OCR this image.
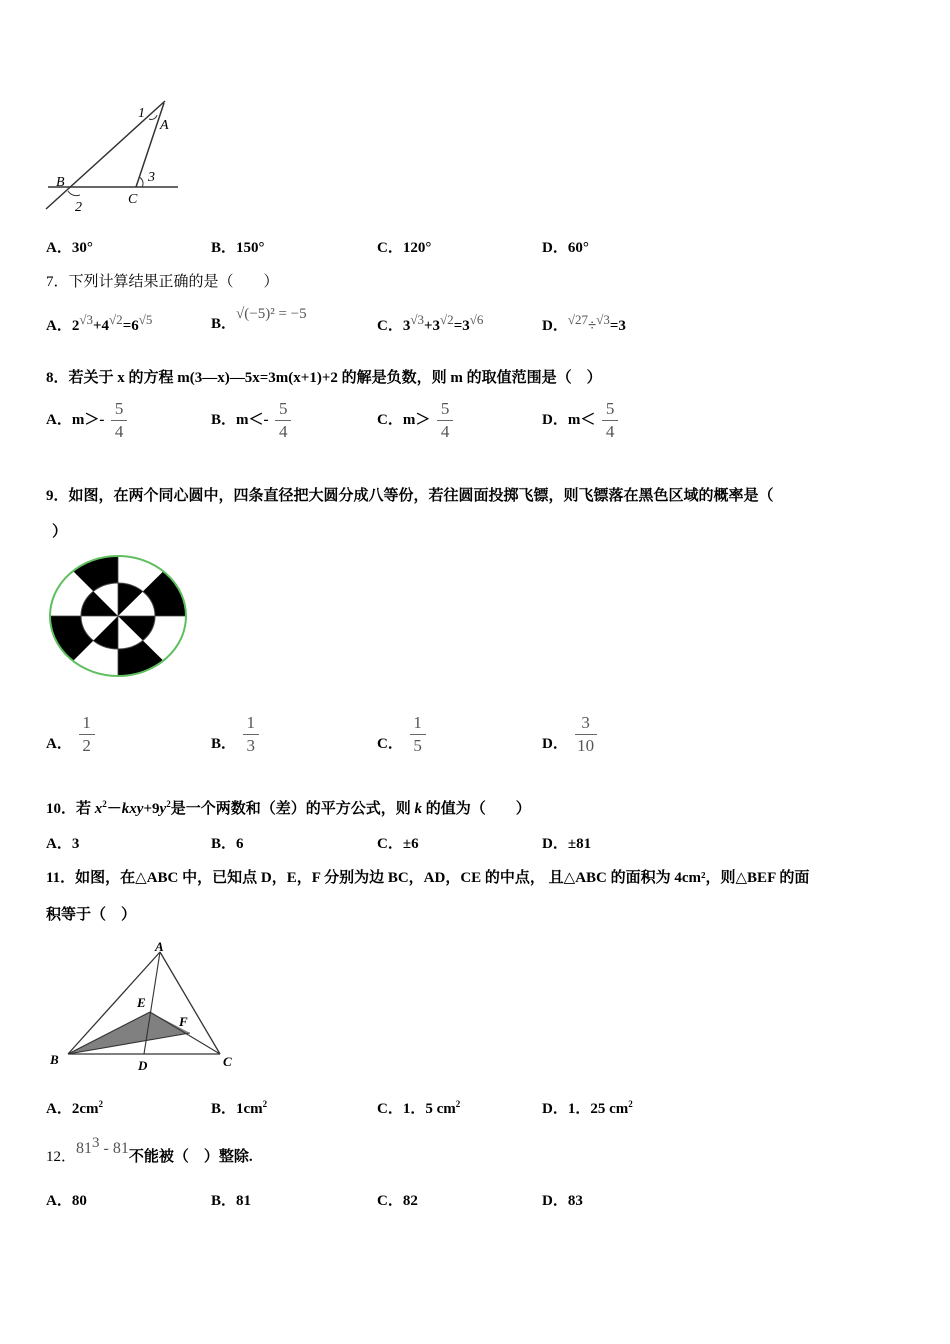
1
A
B
2
C
3
A．30°	B．150°	C．120°	D．60°
7．下列计算结果正确的是（　　）
A．2√3+4√2=6√5	B．√(−5)² = −5
C．3√3+3√2=3√6	D．√27÷√3=3
8．若关于 x 的方程 m(3—x)—5x=3m(x+1)+2 的解是负数，则 m 的取值范围是（　）
A．$m>- \frac{5}{4}$	B．$m<- \frac{5}{4}$	C．$m> \frac{5}{4}$	D．$m< \frac{5}{4}$
9．如图，在两个同心圆中，四条直径把大圆分成八等份，若往圆面投掷飞镖，则飞镖落在黑色区域的概率是（
）
A． $\frac{1}{2}$	B． $\frac{1}{3}$	C． $\frac{1}{5}$	D． $\frac{3}{10}$
10．若 $x^2-kxy+9y^2$是一个两数和（差）的平方公式，则 k 的值为（　　）
A．3	B．6	C．±6	D．±81
11．如图，在△ABC 中，已知点 D，E，F 分别为边 BC，AD，CE 的中点， 且△ABC 的面积为 4cm²，则△BEF 的面
积等于（　）
A
B	C
D
E
F
A．$2cm^2$	B．$1cm^2$	C．1．5 $cm^2$	D．1．25 $cm^2$
12．813 - 81不能被（　）整除.
A．80	B．81	C．82	D．83
